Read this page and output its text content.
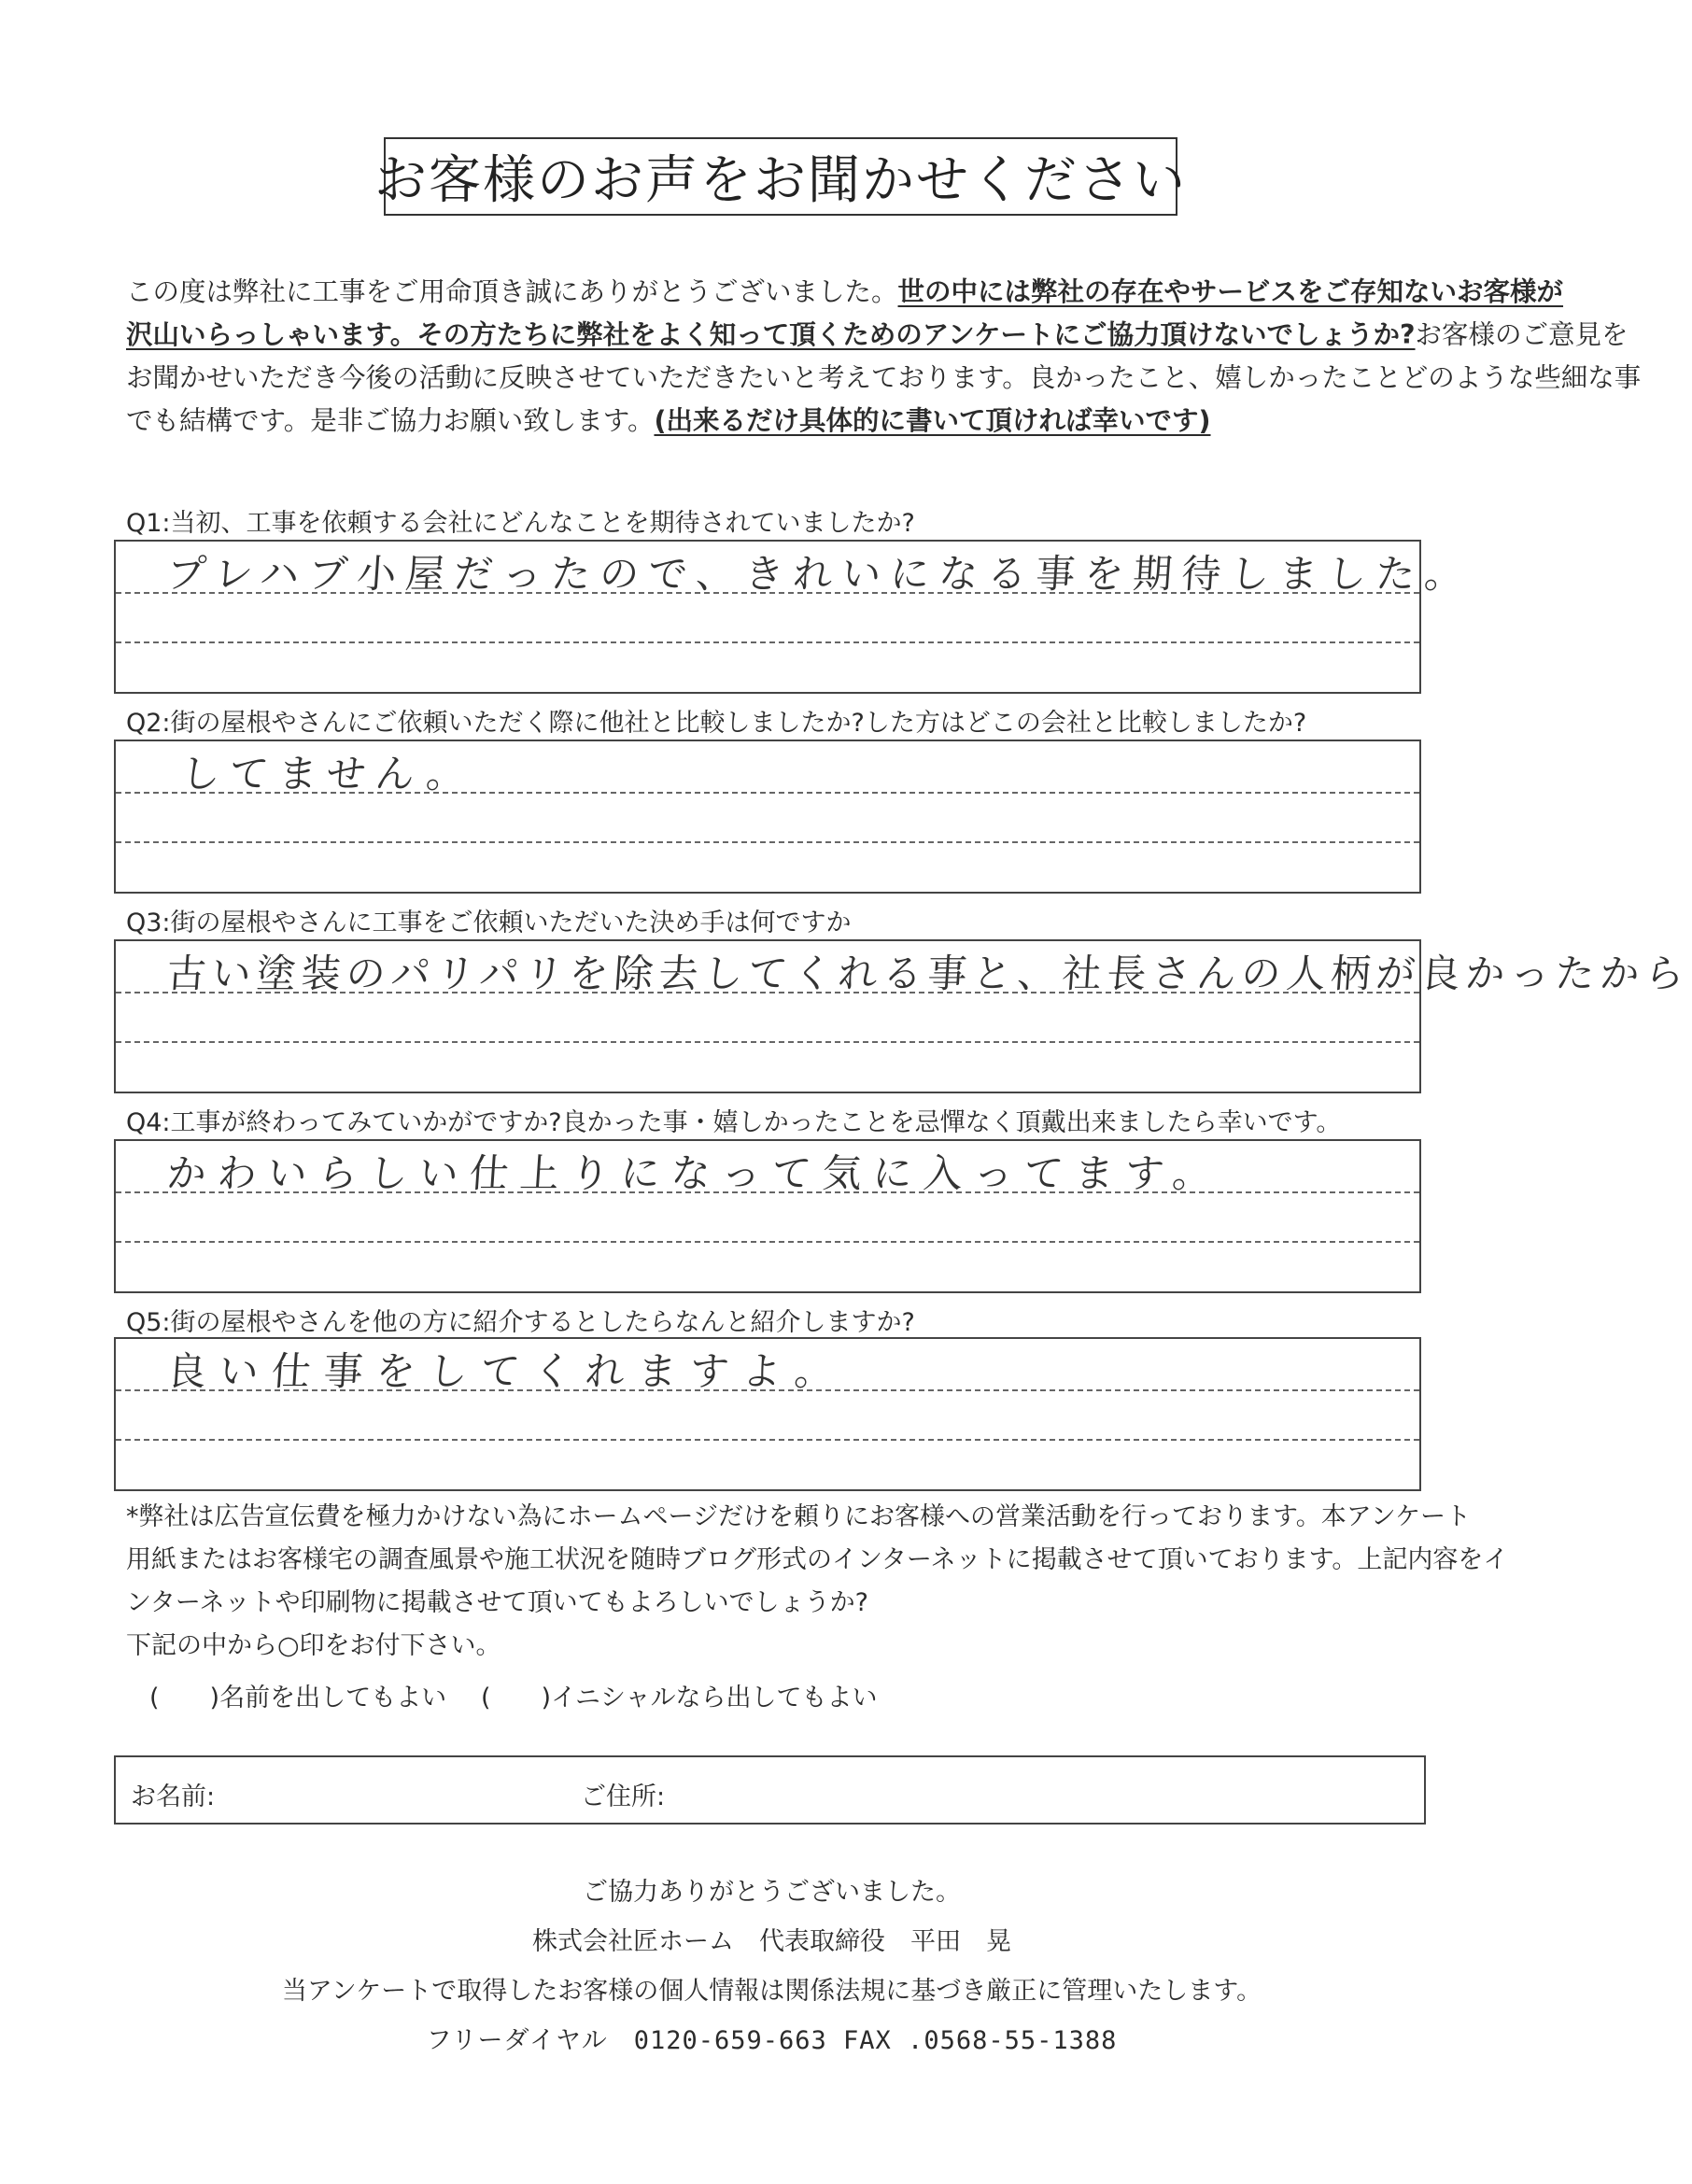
お客様のお声をお聞かせください
この度は弊社に工事をご用命頂き誠にありがとうございました。世の中には弊社の存在やサービスをご存知ないお客様が
沢山いらっしゃいます。その方たちに弊社をよく知って頂くためのアンケートにご協力頂けないでしょうか?お客様のご意見を
お聞かせいただき今後の活動に反映させていただきたいと考えております。良かったこと、嬉しかったことどのような些細な事
でも結構です。是非ご協力お願い致します。(出来るだけ具体的に書いて頂ければ幸いです)
Q1:当初、工事を依頼する会社にどんなことを期待されていましたか?
プレハブ小屋だったので、きれいになる事を期待しました。
Q2:街の屋根やさんにご依頼いただく際に他社と比較しましたか?した方はどこの会社と比較しましたか?
してません。
Q3:街の屋根やさんに工事をご依頼いただいた決め手は何ですか
古い塗装のパリパリを除去してくれる事と、社長さんの人柄が良かったから
Q4:工事が終わってみていかがですか?良かった事・嬉しかったことを忌憚なく頂戴出来ましたら幸いです。
かわいらしい仕上りになって気に入ってます。
Q5:街の屋根やさんを他の方に紹介するとしたらなんと紹介しますか?
良い仕事をしてくれますよ。
*弊社は広告宣伝費を極力かけない為にホームページだけを頼りにお客様への営業活動を行っております。本アンケート
用紙またはお客様宅の調査風景や施工状況を随時ブログ形式のインターネットに掲載させて頂いております。上記内容をイ
ンターネットや印刷物に掲載させて頂いてもよろしいでしょうか?
下記の中から○印をお付下さい。
(　　)名前を出してもよい (　　)イニシャルなら出してもよい
お名前:	ご住所:
ご協力ありがとうございました。
株式会社匠ホーム　代表取締役　平田　晃
当アンケートで取得したお客様の個人情報は関係法規に基づき厳正に管理いたします。
フリーダイヤル　0120-659-663 FAX .0568-55-1388
